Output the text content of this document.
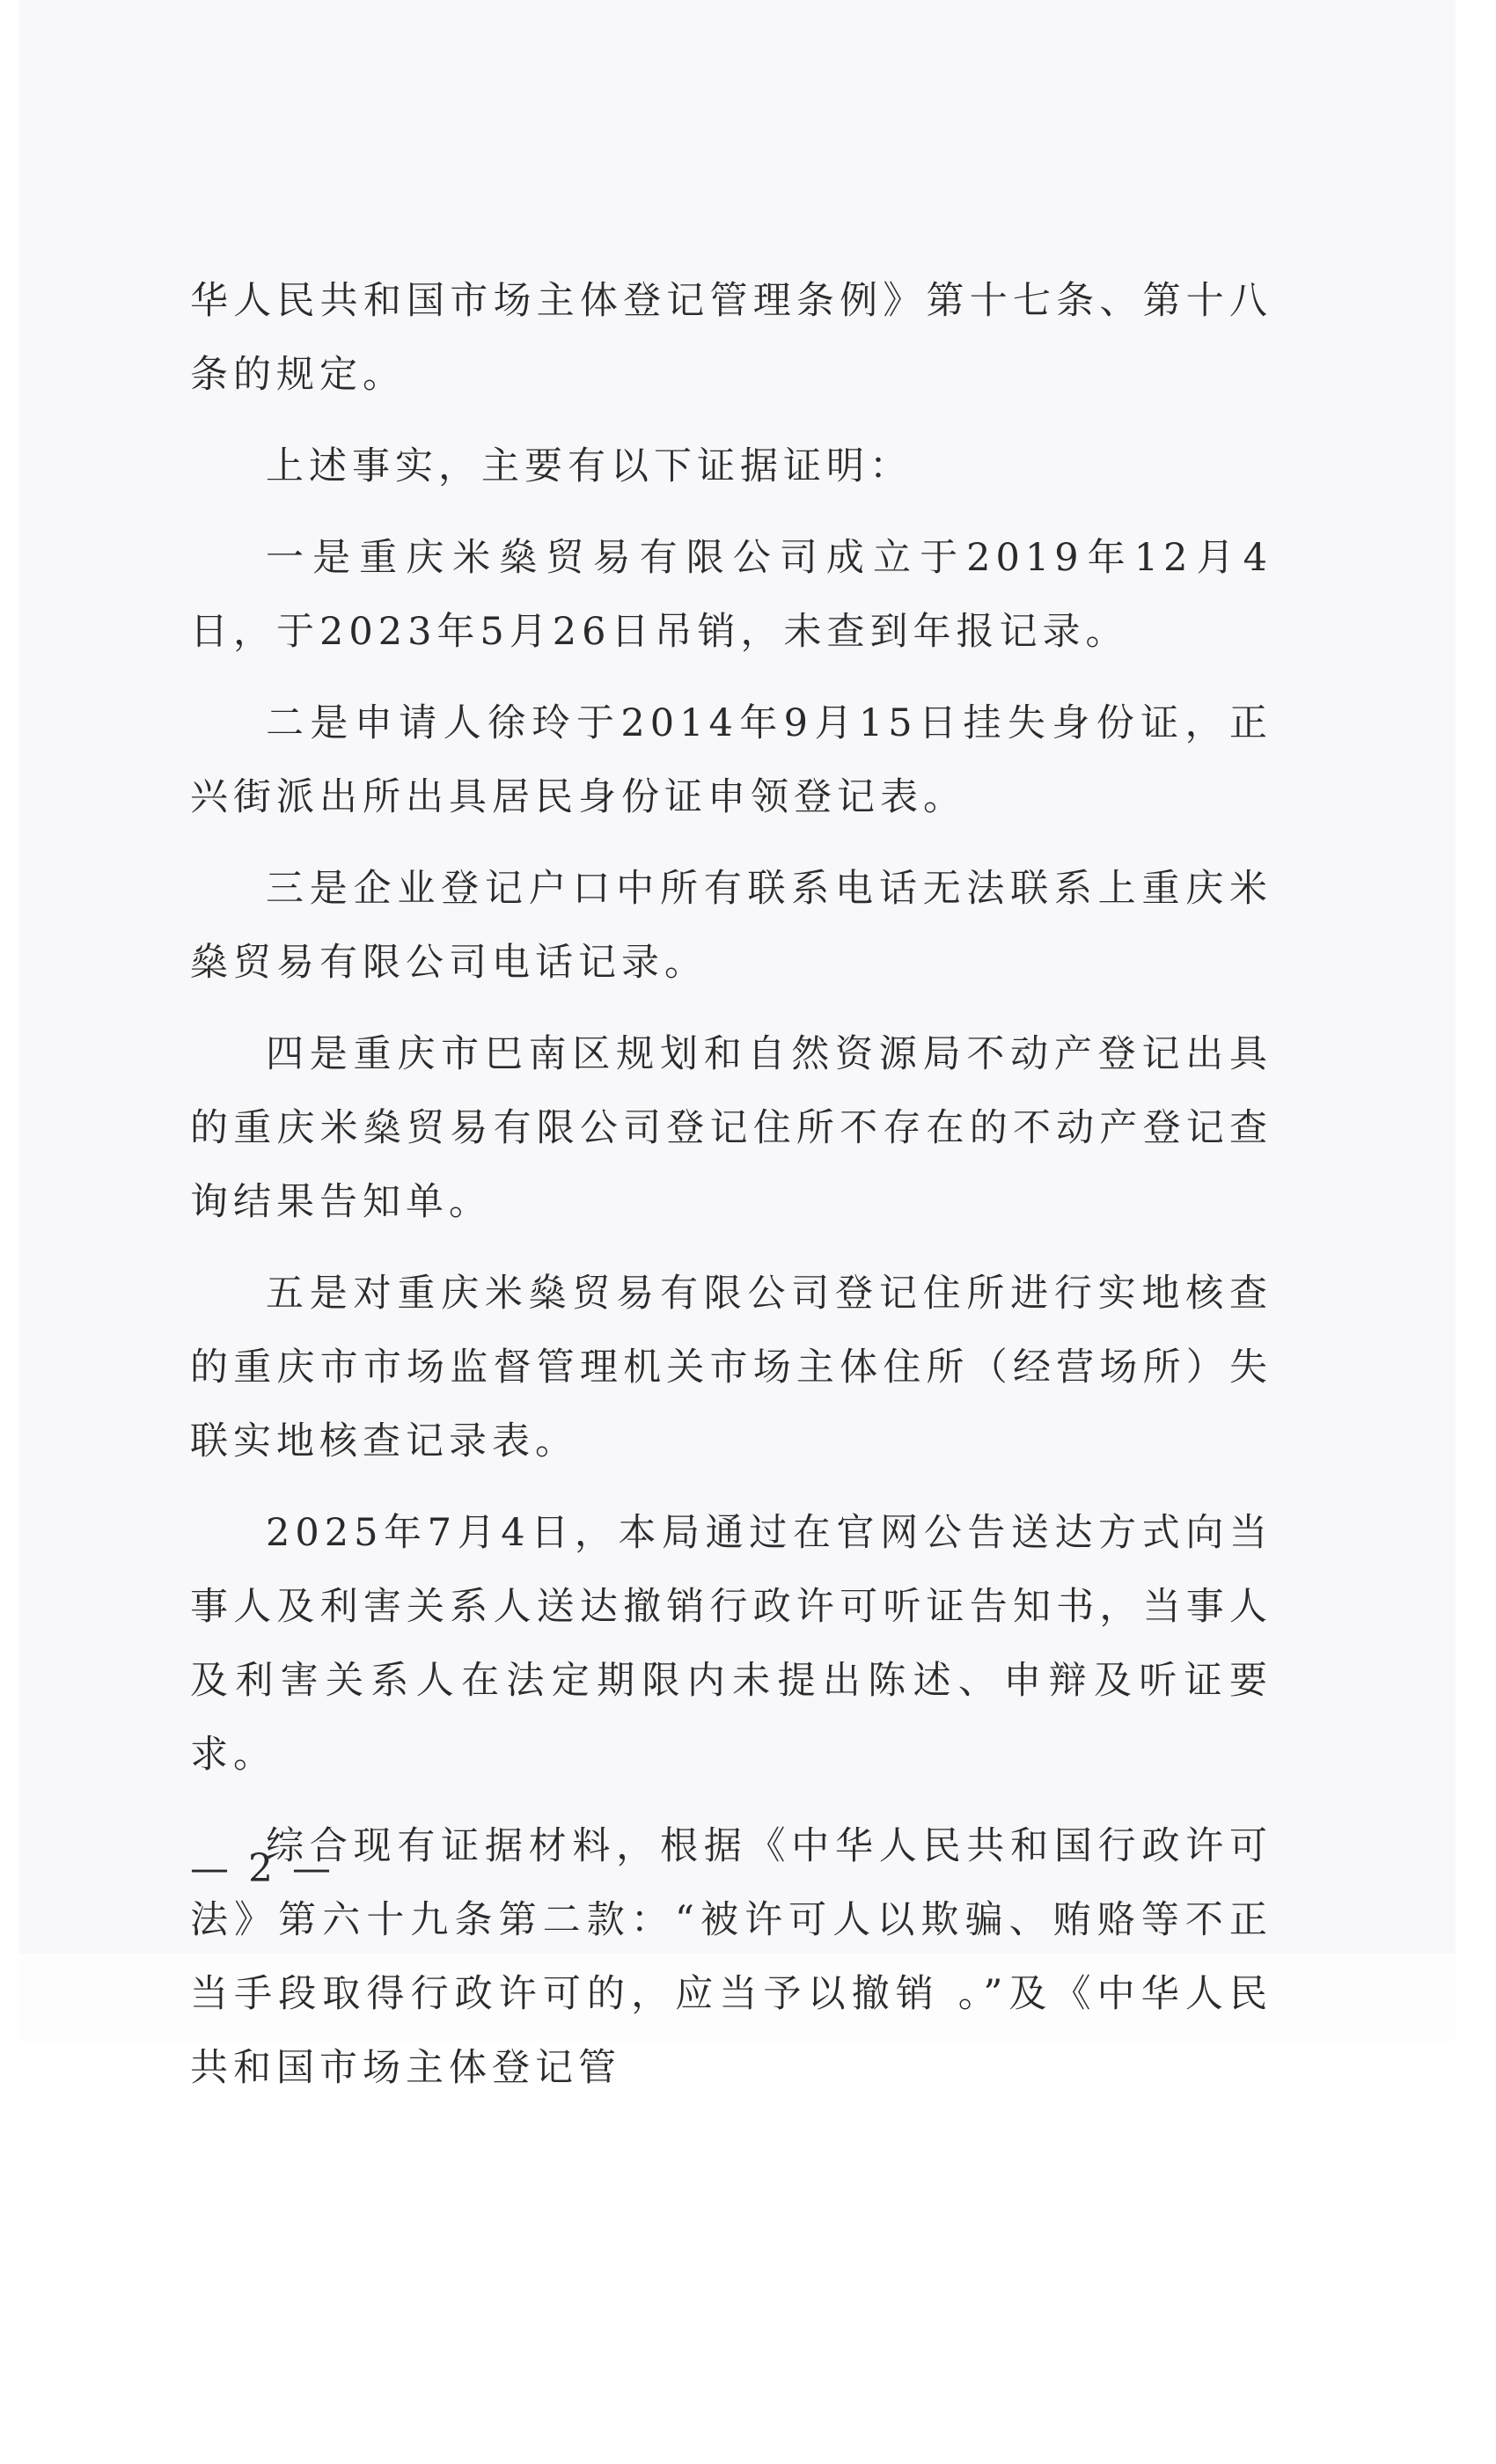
华人民共和国市场主体登记管理条例》第十七条、第十八条的规定。

上述事实，主要有以下证据证明：

一是重庆米燊贸易有限公司成立于2019年12月4日，于2023年5月26日吊销，未查到年报记录。

二是申请人徐玲于2014年9月15日挂失身份证，正兴街派出所出具居民身份证申领登记表。

三是企业登记户口中所有联系电话无法联系上重庆米燊贸易有限公司电话记录。

四是重庆市巴南区规划和自然资源局不动产登记出具的重庆米燊贸易有限公司登记住所不存在的不动产登记查询结果告知单。

五是对重庆米燊贸易有限公司登记住所进行实地核查的重庆市市场监督管理机关市场主体住所（经营场所）失联实地核查记录表。

2025年7月4日，本局通过在官网公告送达方式向当事人及利害关系人送达撤销行政许可听证告知书，当事人及利害关系人在法定期限内未提出陈述、申辩及听证要求。

综合现有证据材料，根据《中华人民共和国行政许可法》第六十九条第二款：“被许可人以欺骗、贿赂等不正当手段取得行政许可的，应当予以撤销 。”及《中华人民共和国市场主体登记管

— 2 —
